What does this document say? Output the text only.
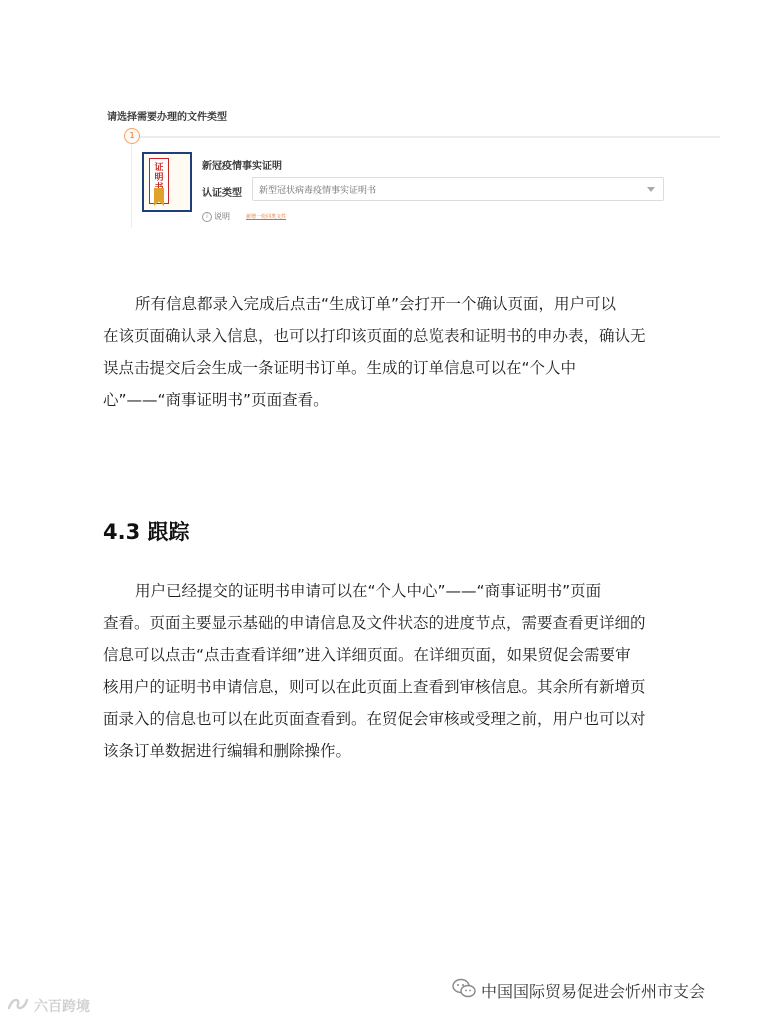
请选择需要办理的文件类型
1
证
明

新冠疫情事实证明
认证类型 新型冠状病毒疫情事实证明书
i 说明	新增一份同类文件
所有信息都录入完成后点击“生成订单”会打开一个确认页面，用户可以
在该页面确认录入信息，也可以打印该页面的总览表和证明书的申办表，确认无
误点击提交后会生成一条证明书订单。生成的订单信息可以在“个人中
心”——“商事证明书”页面查看。
4.3 跟踪
用户已经提交的证明书申请可以在“个人中心”——“商事证明书”页面
查看。页面主要显示基础的申请信息及文件状态的进度节点，需要查看更详细的
信息可以点击“点击查看详细”进入详细页面。在详细页面，如果贸促会需要审
核用户的证明书申请信息，则可以在此页面上查看到审核信息。其余所有新增页
面录入的信息也可以在此页面查看到。在贸促会审核或受理之前，用户也可以对
该条订单数据进行编辑和删除操作。
中国国际贸易促进会忻州市支会
六百跨境
